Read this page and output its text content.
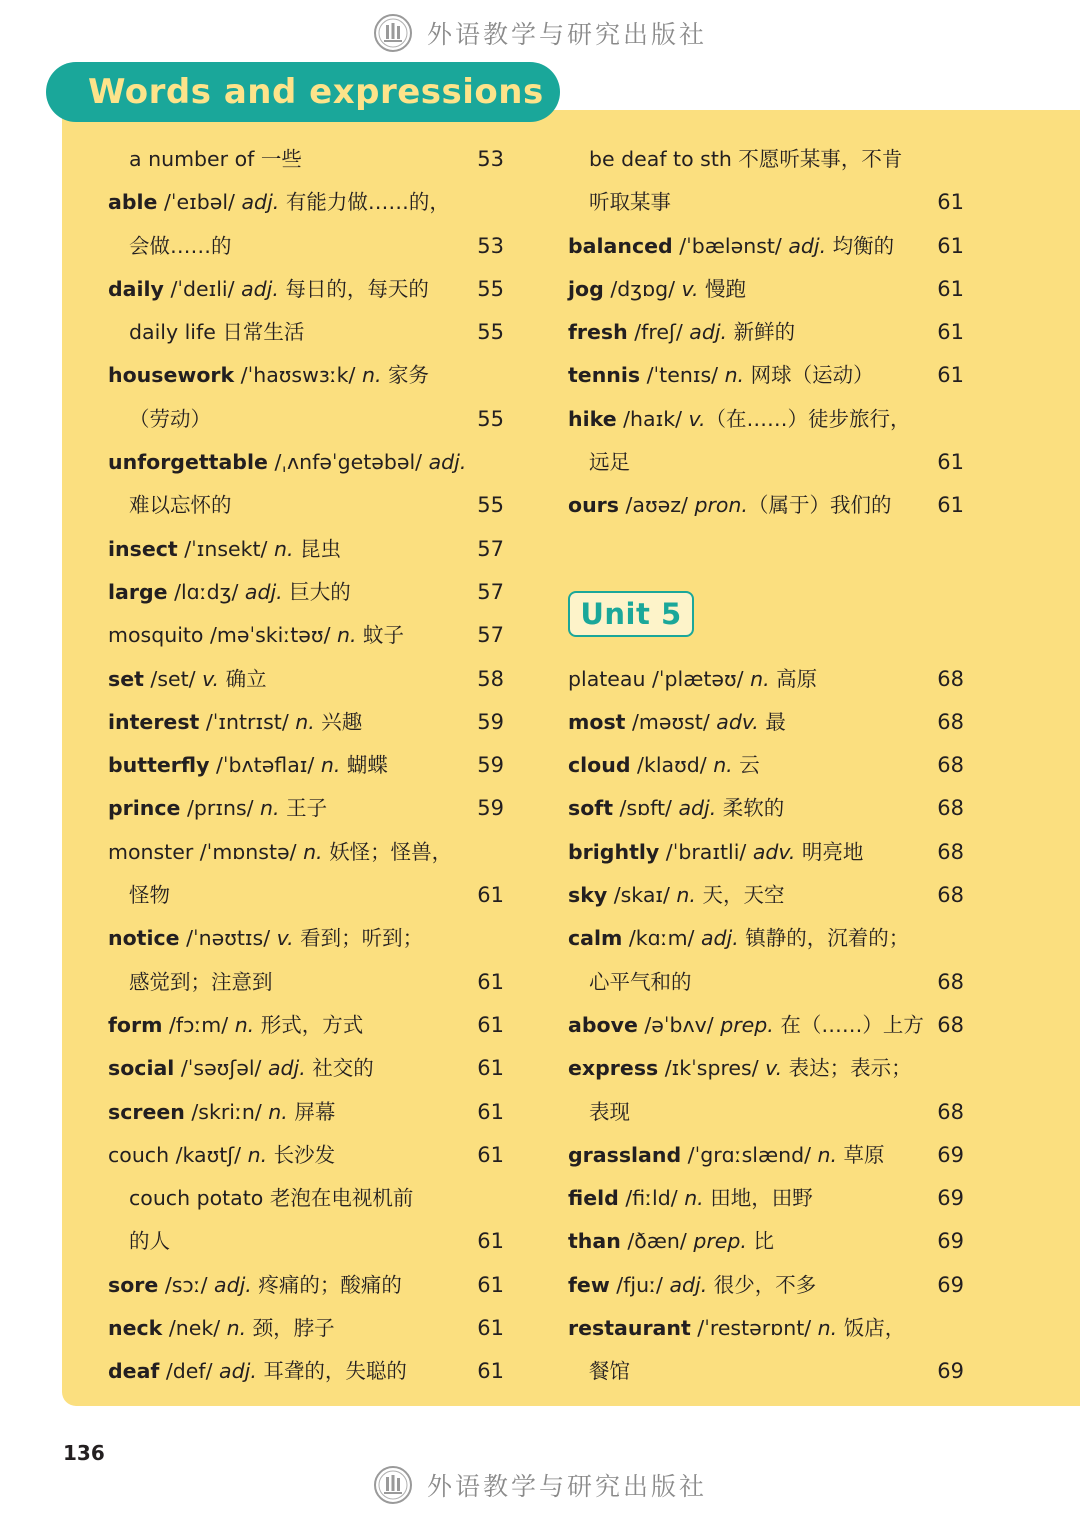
外语教学与研究出版社
Words and expressions
a number of 一些	53
able /ˈeɪbəl/ adj. 有能力做……的，
会做……的	53
daily /ˈdeɪli/ adj. 每日的，每天的 55
daily life 日常生活	55
housework /ˈhaʊswɜːk/ n. 家务
（劳动）	55
unforgettable /ˌʌnfəˈgetəbəl/ adj.
难以忘怀的	55
insect /ˈɪnsekt/ n. 昆虫	57
large /lɑːdʒ/ adj. 巨大的	57
mosquito /məˈskiːtəʊ/ n. 蚊子	57
set /set/ v. 确立	58
interest /ˈɪntrɪst/ n. 兴趣	59
butterfly /ˈbʌtəflaɪ/ n. 蝴蝶	59
prince /prɪns/ n. 王子	59
monster /ˈmɒnstə/ n. 妖怪；怪兽，
怪物	61
notice /ˈnəʊtɪs/ v. 看到；听到；
感觉到；注意到	61
form /fɔːm/ n. 形式，方式	61
social /ˈsəʊʃəl/ adj. 社交的	61
screen /skriːn/ n. 屏幕	61
couch /kaʊtʃ/ n. 长沙发	61
couch potato 老泡在电视机前
的人	61
sore /sɔː/ adj. 疼痛的；酸痛的	61
neck /nek/ n. 颈，脖子	61
deaf /def/ adj. 耳聋的，失聪的	61
be deaf to sth 不愿听某事，不肯
听取某事	61
balanced /ˈbælənst/ adj. 均衡的 61
jog /dʒɒg/ v. 慢跑	61
fresh /freʃ/ adj. 新鲜的	61
tennis /ˈtenɪs/ n. 网球（运动）	61
hike /haɪk/ v.（在……）徒步旅行，
远足	61
ours /aʊəz/ pron.（属于）我们的 61
Unit 5
plateau /ˈplætəʊ/ n. 高原	68
most /məʊst/ adv. 最	68
cloud /klaʊd/ n. 云	68
soft /sɒft/ adj. 柔软的	68
brightly /ˈbraɪtli/ adv. 明亮地	68
sky /skaɪ/ n. 天，天空	68
calm /kɑːm/ adj. 镇静的，沉着的；
心平气和的	68
above /əˈbʌv/ prep. 在（……）上方 68
express /ɪkˈspres/ v. 表达；表示；
表现	68
grassland /ˈgrɑːslænd/ n. 草原	69
field /fiːld/ n. 田地，田野	69
than /ðæn/ prep. 比	69
few /fjuː/ adj. 很少，不多	69
restaurant /ˈrestərɒnt/ n. 饭店，
餐馆	69
136
外语教学与研究出版社
